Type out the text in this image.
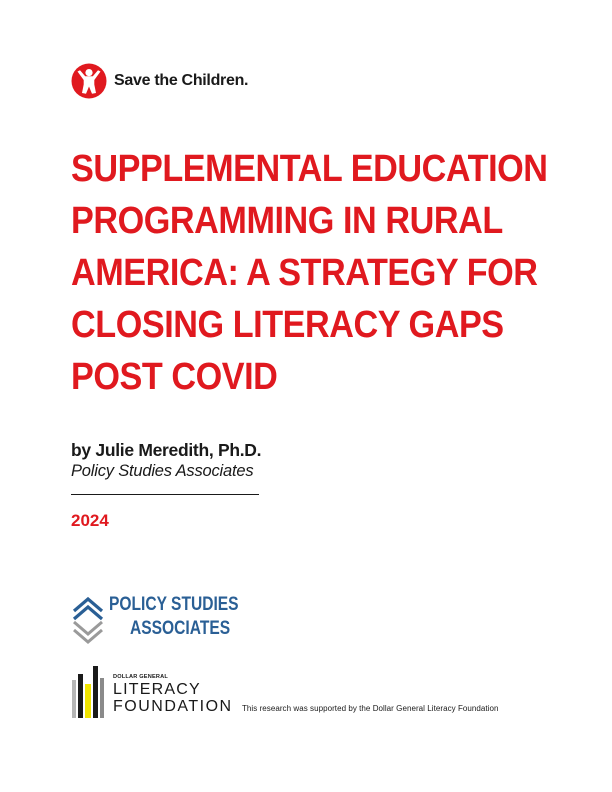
Save the Children.
SUPPLEMENTAL EDUCATION
PROGRAMMING IN RURAL
AMERICA: A STRATEGY FOR
CLOSING LITERACY GAPS
POST COVID
by Julie Meredith, Ph.D.
Policy Studies Associates
2024
POLICY STUDIES
ASSOCIATES
DOLLAR GENERAL
LITERACY
FOUNDATION This research was supported by the Dollar General Literacy Foundation
